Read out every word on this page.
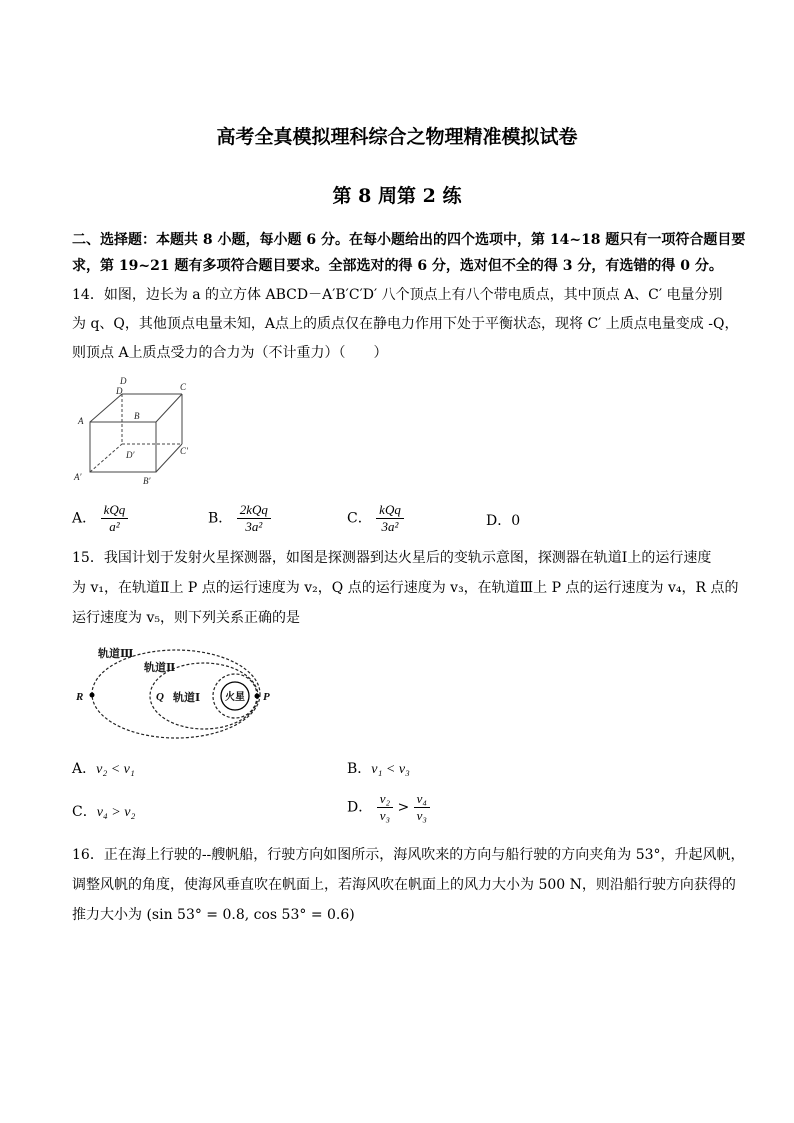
高考全真模拟理科综合之物理精准模拟试卷
第 8 周第 2 练
二、选择题：本题共 8 小题，每小题 6 分。在每小题给出的四个选项中，第 14~18 题只有一项符合题目要
求，第 19~21 题有多项符合题目要求。全部选对的得 6 分，选对但不全的得 3 分，有选错的得 0 分。
14．如图，边长为 a 的立方体 ABCD－A′B′C′D′ 八个顶点上有八个带电质点，其中顶点 A、C′ 电量分别
为 q、Q，其他顶点电量未知，A点上的质点仅在静电力作用下处于平衡状态，现将 C′ 上质点电量变成 -Q，
则顶点 A上质点受力的合力为（不计重力）（　　）
D
D	C
A	B
D′	C′
A′	B′
A． $\frac{\text{kQq}}{\text{a²}}$	B． $\frac{\text{2kQq}}{\text{3a²}}$	C． $\frac{\text{kQq}}{\text{3a²}}$	D．0
15．我国计划于发射火星探测器，如图是探测器到达火星后的变轨示意图，探测器在轨道Ⅰ上的运行速度
为 v₁，在轨道Ⅱ上 P 点的运行速度为 v₂，Q 点的运行速度为 v₃，在轨道Ⅲ上 P 点的运行速度为 v₄，R 点的
运行速度为 v₅，则下列关系正确的是
轨道Ⅲ
轨道Ⅱ
轨道Ⅰ 火星
R	Q	P
A．v₂ < v₁	B．v₁ < v₃
C．v₄ > v₂	D． $\frac{\text{v₂}}{\text{v₃}} > \frac{\text{v₄}}{\text{v₃}}$
16．正在海上行驶的--艘帆船，行驶方向如图所示，海风吹来的方向与船行驶的方向夹角为 53°，升起风帆，
调整风帆的角度，使海风垂直吹在帆面上，若海风吹在帆面上的风力大小为 500 N，则沿船行驶方向获得的
推力大小为 (sin 53° = 0.8, cos 53° = 0.6)
